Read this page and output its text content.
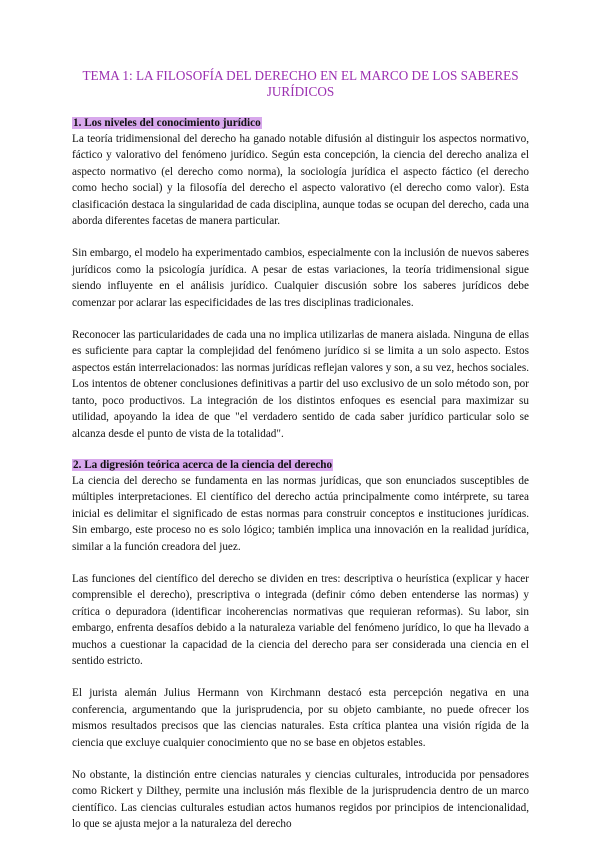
TEMA 1: LA FILOSOFÍA DEL DERECHO EN EL MARCO DE LOS SABERES JURÍDICOS
1. Los niveles del conocimiento jurídico

La teoría tridimensional del derecho ha ganado notable difusión al distinguir los aspectos normativo, fáctico y valorativo del fenómeno jurídico. Según esta concepción, la ciencia del derecho analiza el aspecto normativo (el derecho como norma), la sociología jurídica el aspecto fáctico (el derecho como hecho social) y la filosofía del derecho el aspecto valorativo (el derecho como valor). Esta clasificación destaca la singularidad de cada disciplina, aunque todas se ocupan del derecho, cada una aborda diferentes facetas de manera particular.

Sin embargo, el modelo ha experimentado cambios, especialmente con la inclusión de nuevos saberes jurídicos como la psicología jurídica. A pesar de estas variaciones, la teoría tridimensional sigue siendo influyente en el análisis jurídico. Cualquier discusión sobre los saberes jurídicos debe comenzar por aclarar las especificidades de las tres disciplinas tradicionales.

Reconocer las particularidades de cada una no implica utilizarlas de manera aislada. Ninguna de ellas es suficiente para captar la complejidad del fenómeno jurídico si se limita a un solo aspecto. Estos aspectos están interrelacionados: las normas jurídicas reflejan valores y son, a su vez, hechos sociales. Los intentos de obtener conclusiones definitivas a partir del uso exclusivo de un solo método son, por tanto, poco productivos. La integración de los distintos enfoques es esencial para maximizar su utilidad, apoyando la idea de que "el verdadero sentido de cada saber jurídico particular solo se alcanza desde el punto de vista de la totalidad".

2. La digresión teórica acerca de la ciencia del derecho

La ciencia del derecho se fundamenta en las normas jurídicas, que son enunciados susceptibles de múltiples interpretaciones. El científico del derecho actúa principalmente como intérprete, su tarea inicial es delimitar el significado de estas normas para construir conceptos e instituciones jurídicas. Sin embargo, este proceso no es solo lógico; también implica una innovación en la realidad jurídica, similar a la función creadora del juez.

Las funciones del científico del derecho se dividen en tres: descriptiva o heurística (explicar y hacer comprensible el derecho), prescriptiva o integrada (definir cómo deben entenderse las normas) y crítica o depuradora (identificar incoherencias normativas que requieran reformas). Su labor, sin embargo, enfrenta desafíos debido a la naturaleza variable del fenómeno jurídico, lo que ha llevado a muchos a cuestionar la capacidad de la ciencia del derecho para ser considerada una ciencia en el sentido estricto.

El jurista alemán Julius Hermann von Kirchmann destacó esta percepción negativa en una conferencia, argumentando que la jurisprudencia, por su objeto cambiante, no puede ofrecer los mismos resultados precisos que las ciencias naturales. Esta crítica plantea una visión rígida de la ciencia que excluye cualquier conocimiento que no se base en objetos estables.

No obstante, la distinción entre ciencias naturales y ciencias culturales, introducida por pensadores como Rickert y Dilthey, permite una inclusión más flexible de la jurisprudencia dentro de un marco científico. Las ciencias culturales estudian actos humanos regidos por principios de intencionalidad, lo que se ajusta mejor a la naturaleza del derecho
